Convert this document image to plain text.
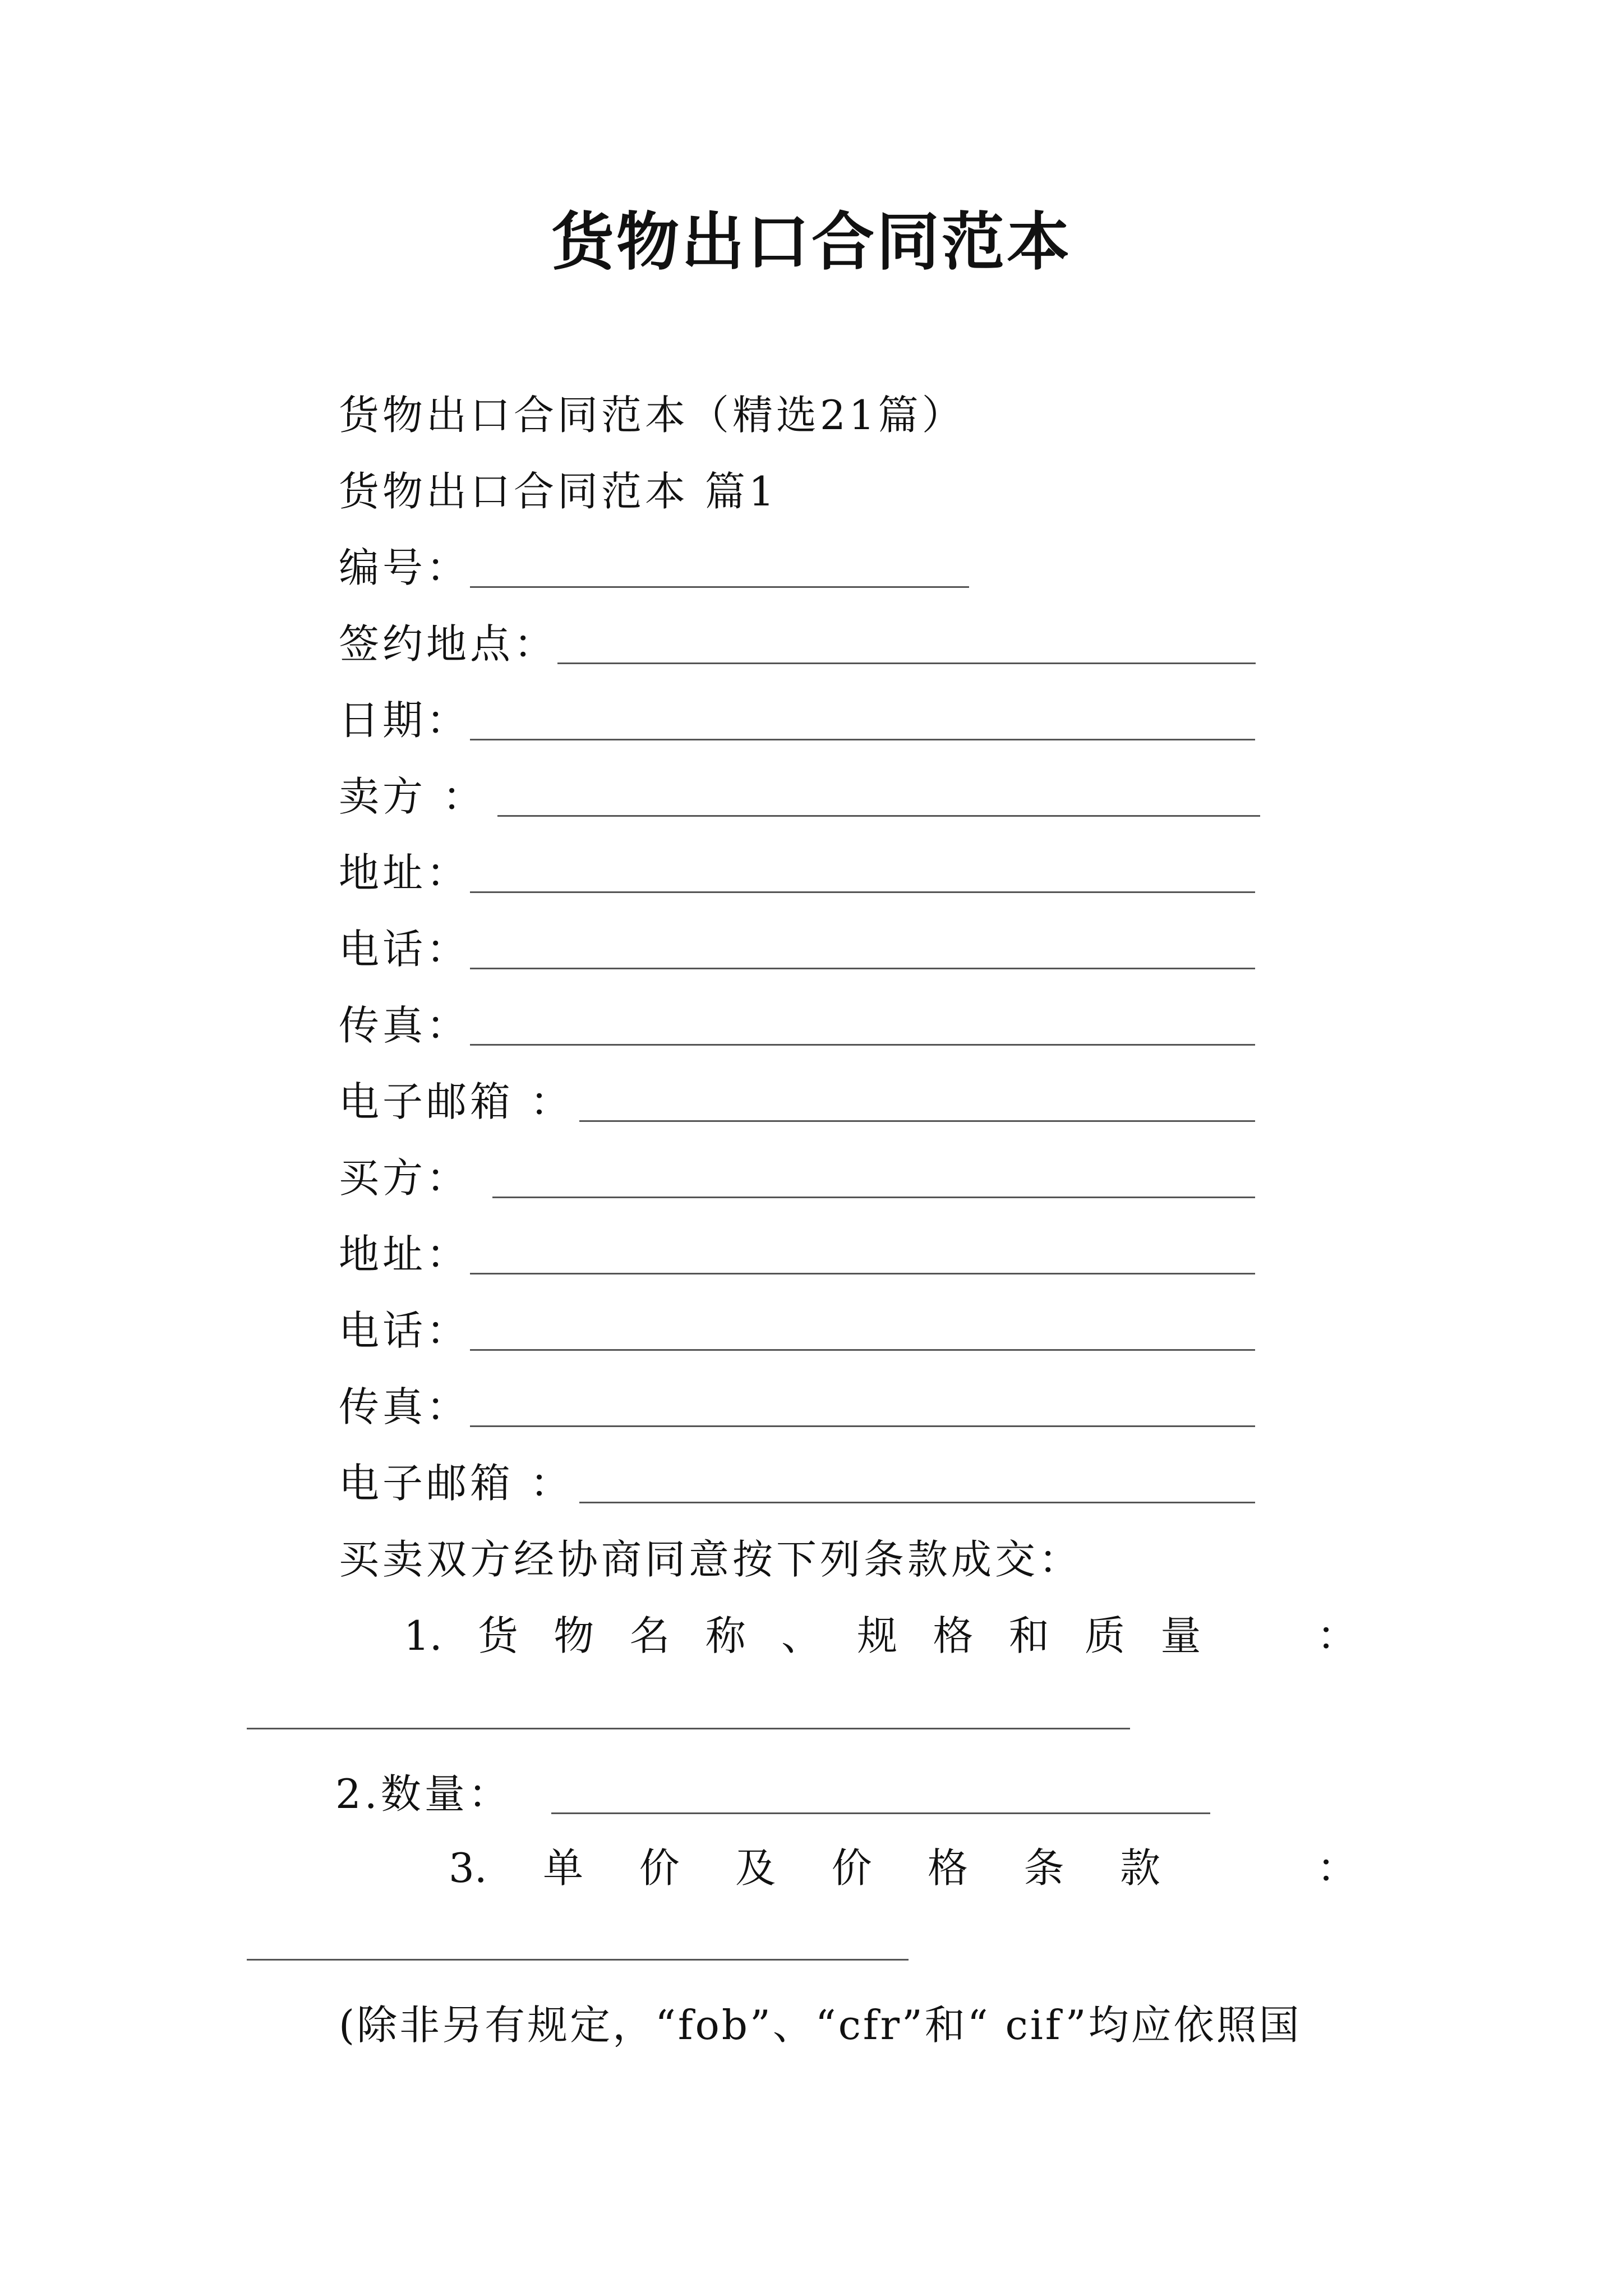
货物出口合同范本
货物出口合同范本（精选21篇）
货物出口合同范本 篇1
编号：
签约地点：
日期：
卖方 ：
地址：
电话：
传真：
电子邮箱 ：
买方：
地址：
电话：
传真：
电子邮箱 ：
买卖双方经协商同意按下列条款成交：
1. 货 物 名 称 、 规 格 和 质 量	：
2.数量：
3. 单 价 及 价 格 条 款	：
(除非另有规定，“fob”、“cfr”和“ cif”均应依照国
